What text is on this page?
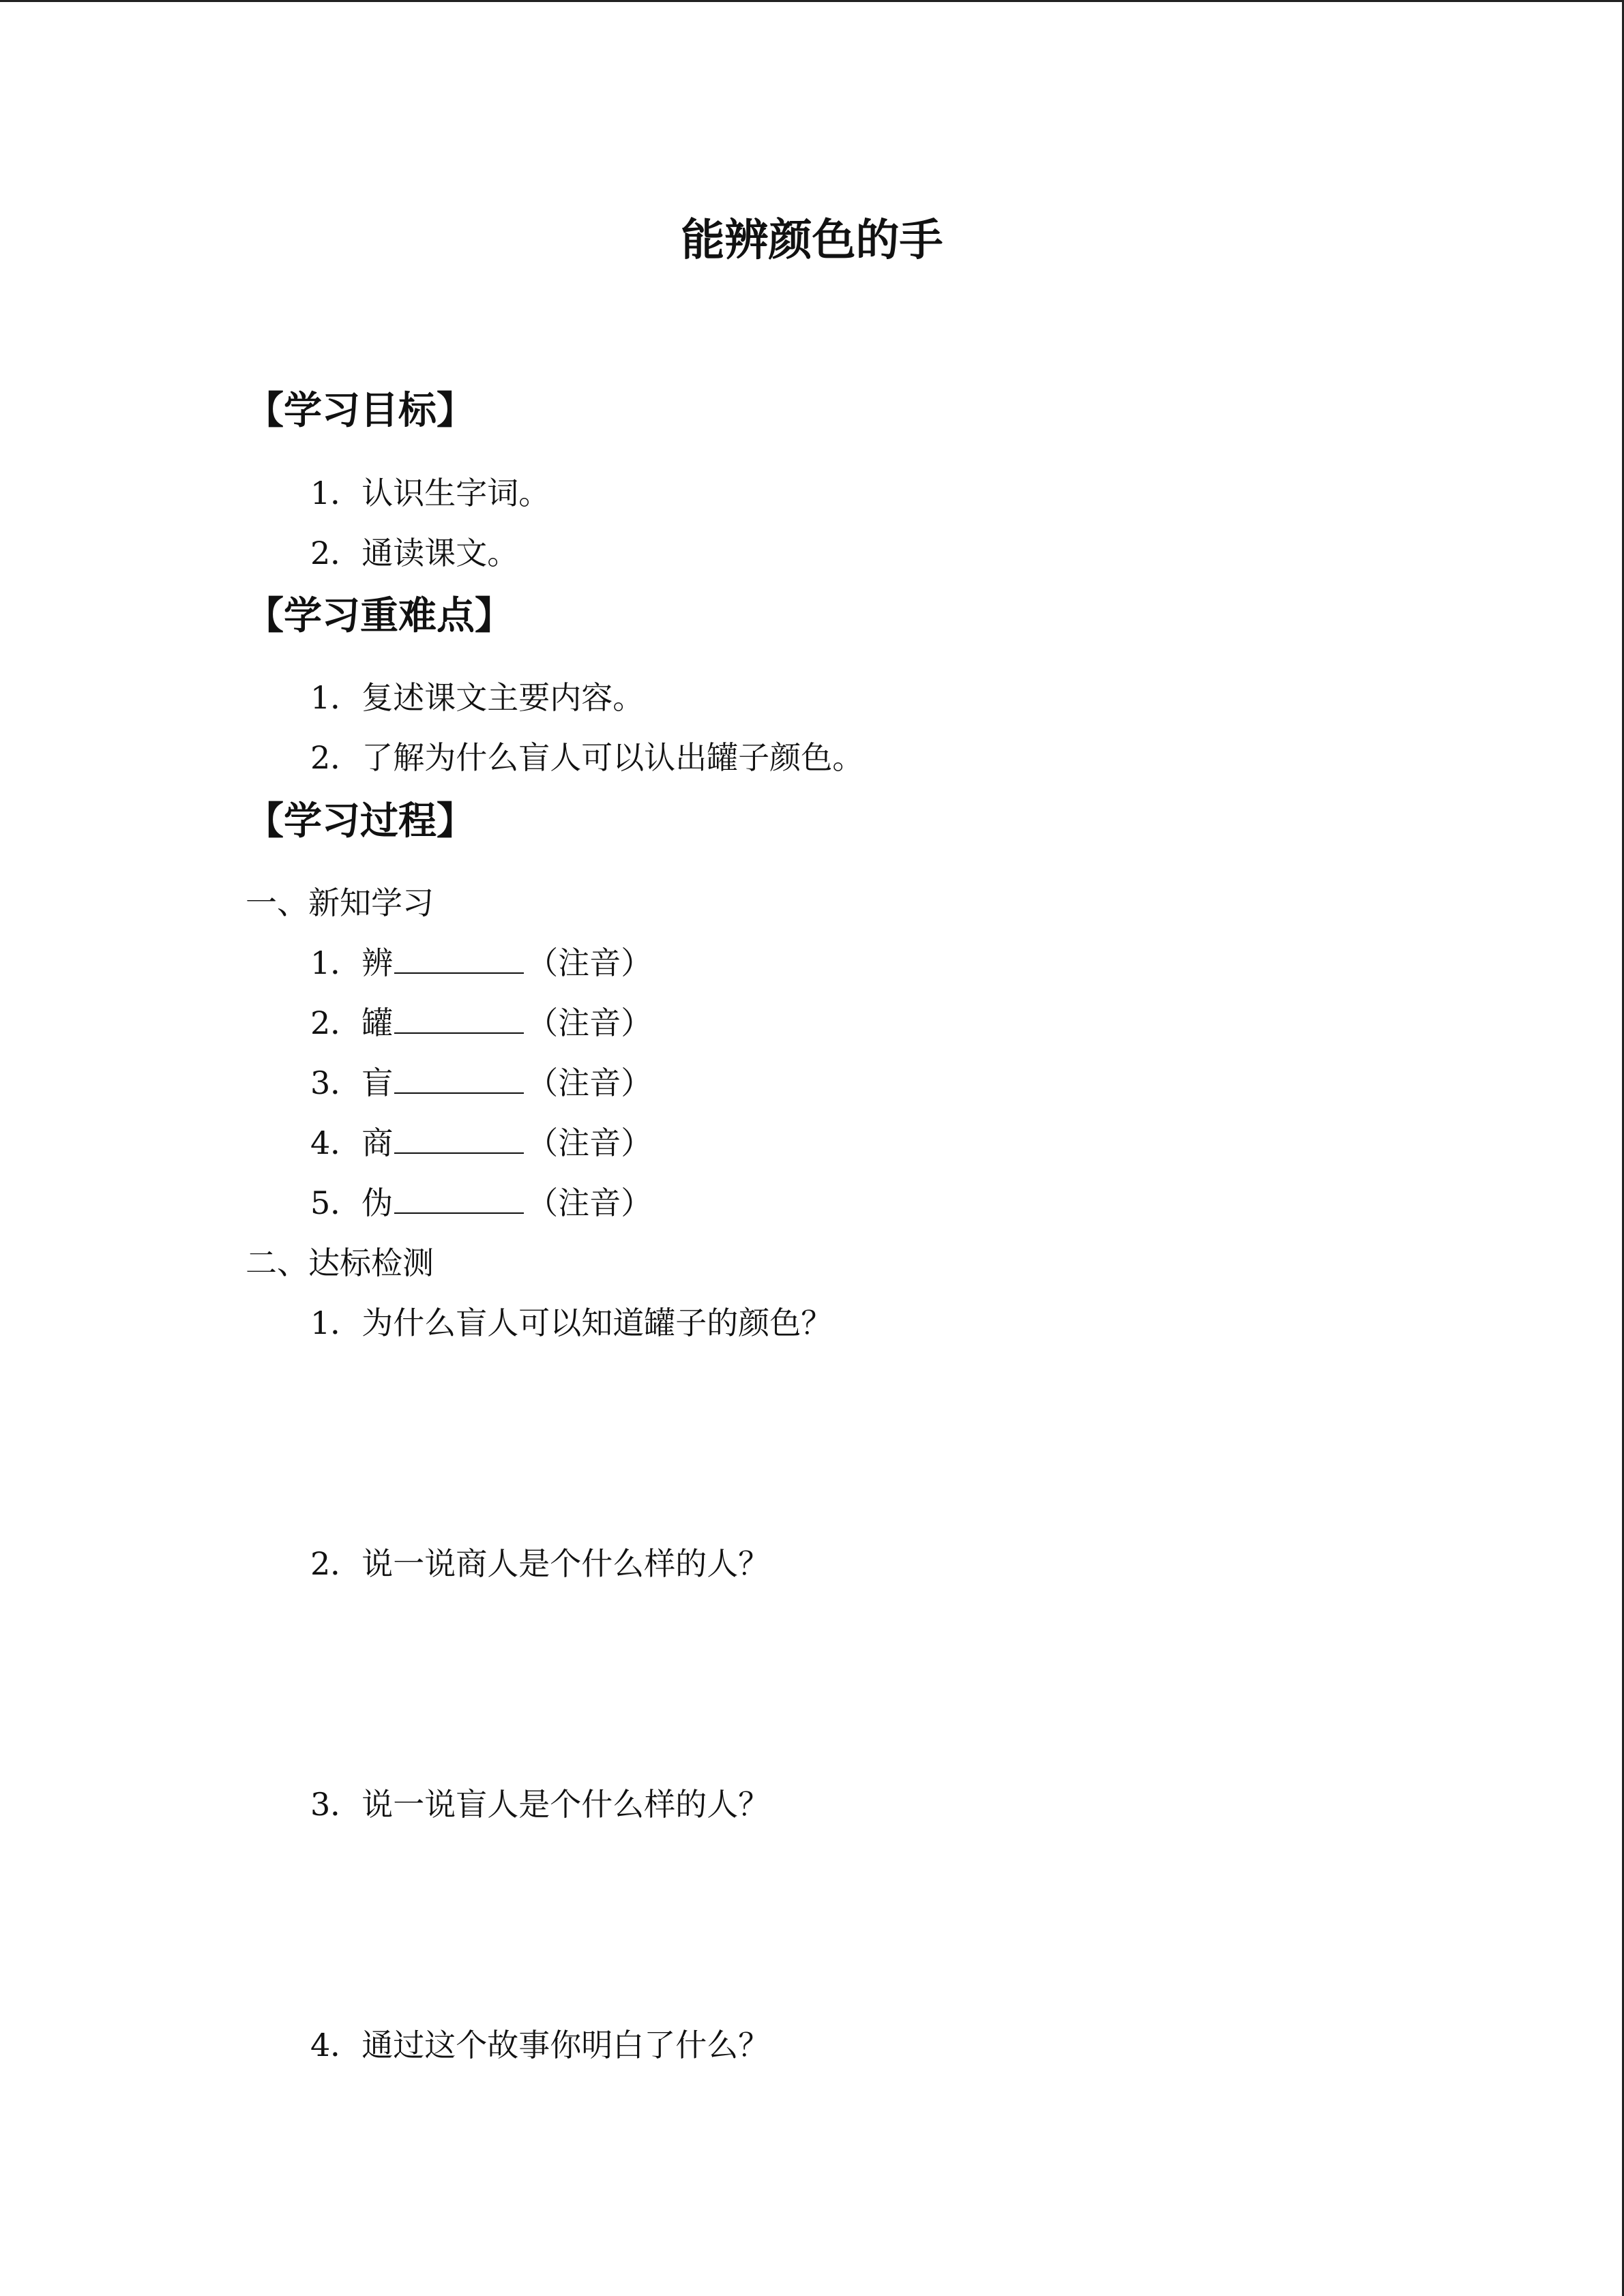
能辨颜色的手
【学习目标】
1．认识生字词。
2．通读课文。
【学习重难点】
1．复述课文主要内容。
2．了解为什么盲人可以认出罐子颜色。
【学习过程】
一、新知学习
1．辨	（注音）
2．罐	（注音）
3．盲	（注音）
4．商	（注音）
5．伪	（注音）
二、达标检测
1．为什么盲人可以知道罐子的颜色？
2．说一说商人是个什么样的人？
3．说一说盲人是个什么样的人？
4．通过这个故事你明白了什么？
